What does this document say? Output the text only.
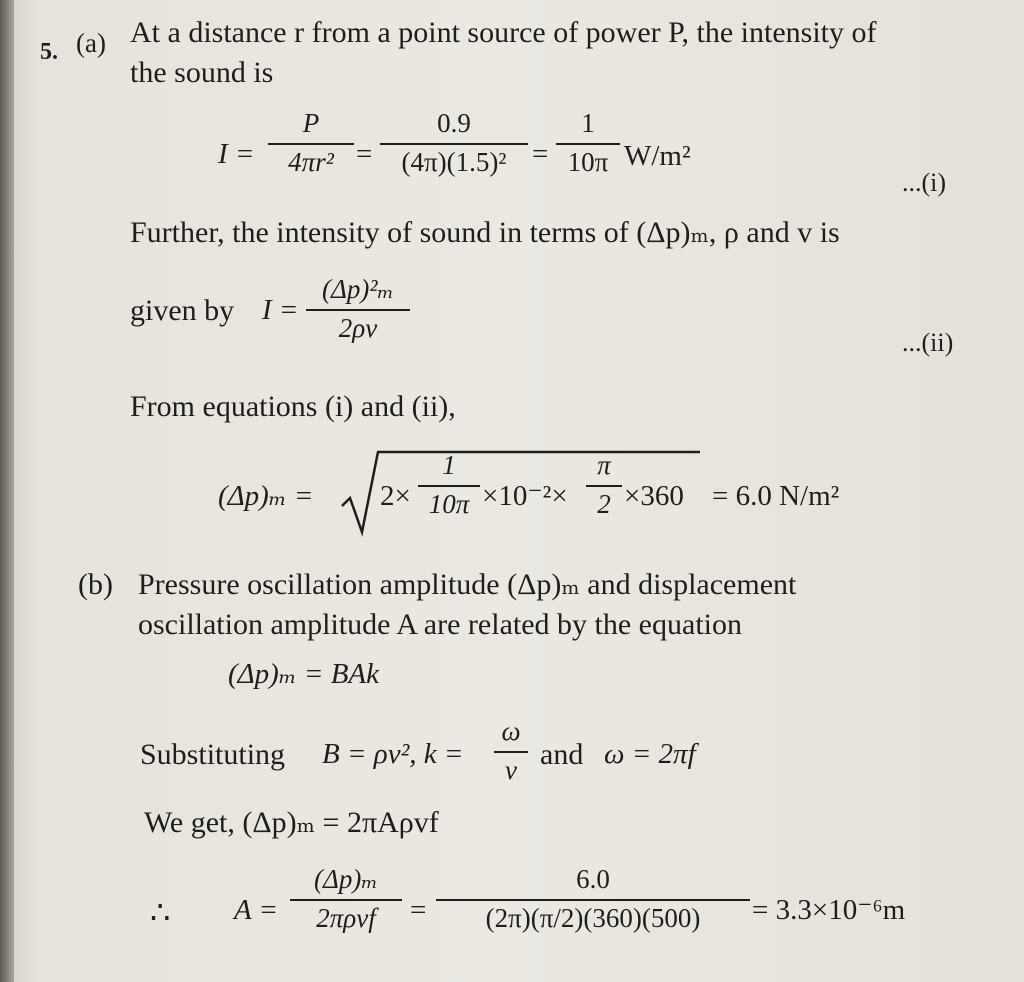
5. (a) At a distance r from a point source of power P, the intensity of
the sound is
$I = \frac{P}{\text{4πr²}} = \frac{0.9}{\text{(4π)(1.5)²}} = \frac{1}{10\pi} W/m^2$
...(i)
Further, the intensity of sound in terms of (Δp)ₘ, ρ and v is
given by $I = \frac{\text{(Δp)²ₘ}}{2\rho v}$
...(ii)
From equations (i) and (ii),
$(\Delta p)_m = 2\times \frac{1}{10\pi} \times 10^{-2}\times \frac{\pi}{2} \times 360 = 6.0$ N/m²
(b) Pressure oscillation amplitude (Δp)ₘ and displacement
oscillation amplitude A are related by the equation
(Δp)ₘ = BAk
Substituting B = ρv², $k = \frac{\omega}{v}$ and ω = 2πf
We get, (Δp)ₘ = 2πAρvf
∴ A =
(Δp)ₘ
2πρvf	= $\frac{6.0}{(2\pi)(\pi/2)(360)(500)} = 3.3\times 10^{-6}m$
